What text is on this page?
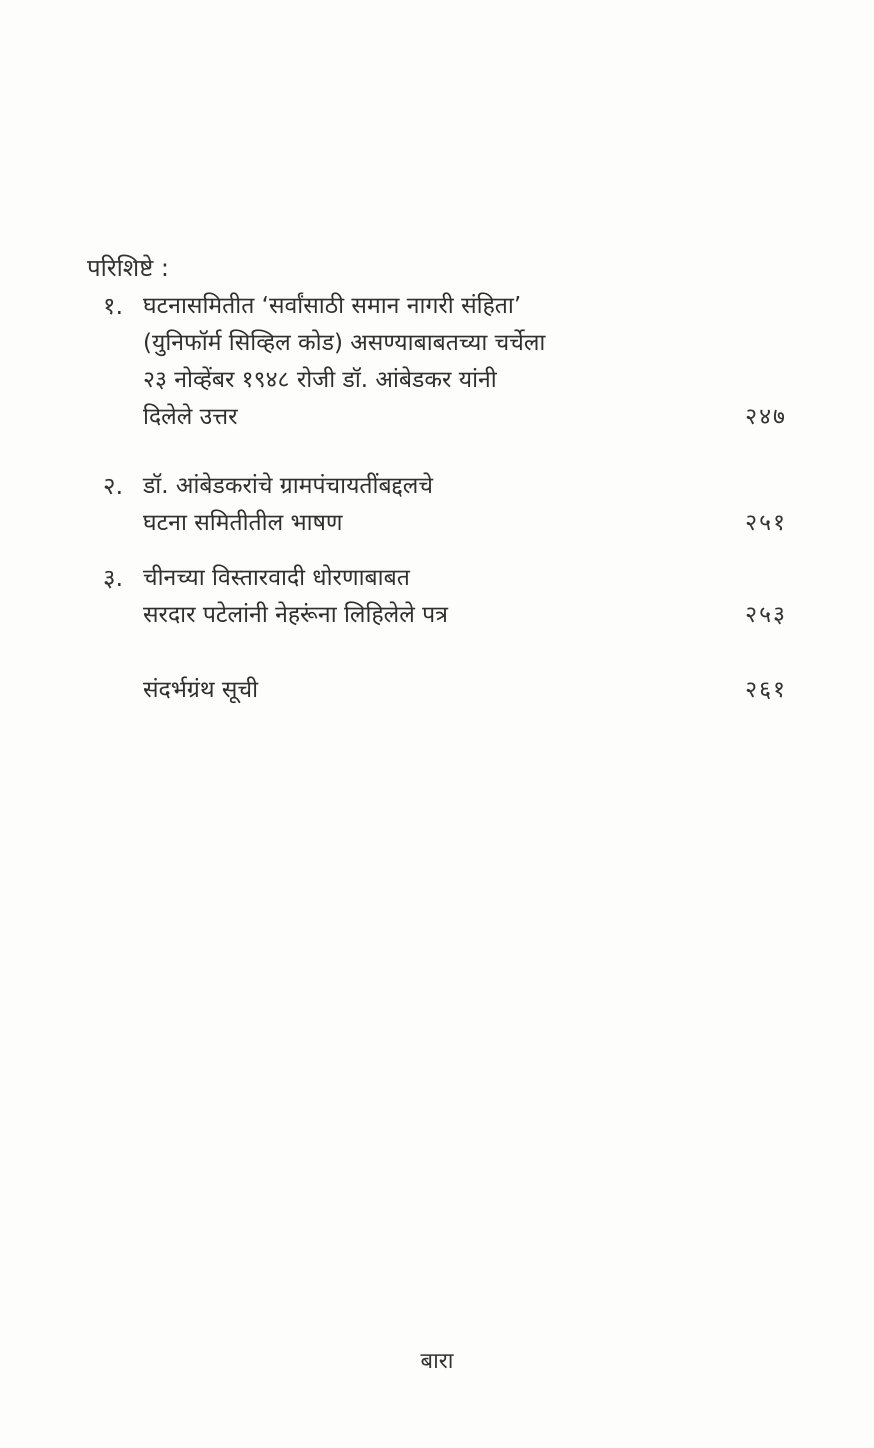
परिशिष्टे :
१. घटनासमितीत ‘सर्वांसाठी समान नागरी संहिता’
(युनिफॉर्म सिव्हिल कोड) असण्याबाबतच्या चर्चेला
२३ नोव्हेंबर १९४८ रोजी डॉ. आंबेडकर यांनी
दिलेले उत्तर	२४७
२. डॉ. आंबेडकरांचे ग्रामपंचायतींबद्दलचे
घटना समितीतील भाषण	२५१
३. चीनच्या विस्तारवादी धोरणाबाबत
सरदार पटेलांनी नेहरूंना लिहिलेले पत्र	२५३
संदर्भग्रंथ सूची	२६१
बारा
